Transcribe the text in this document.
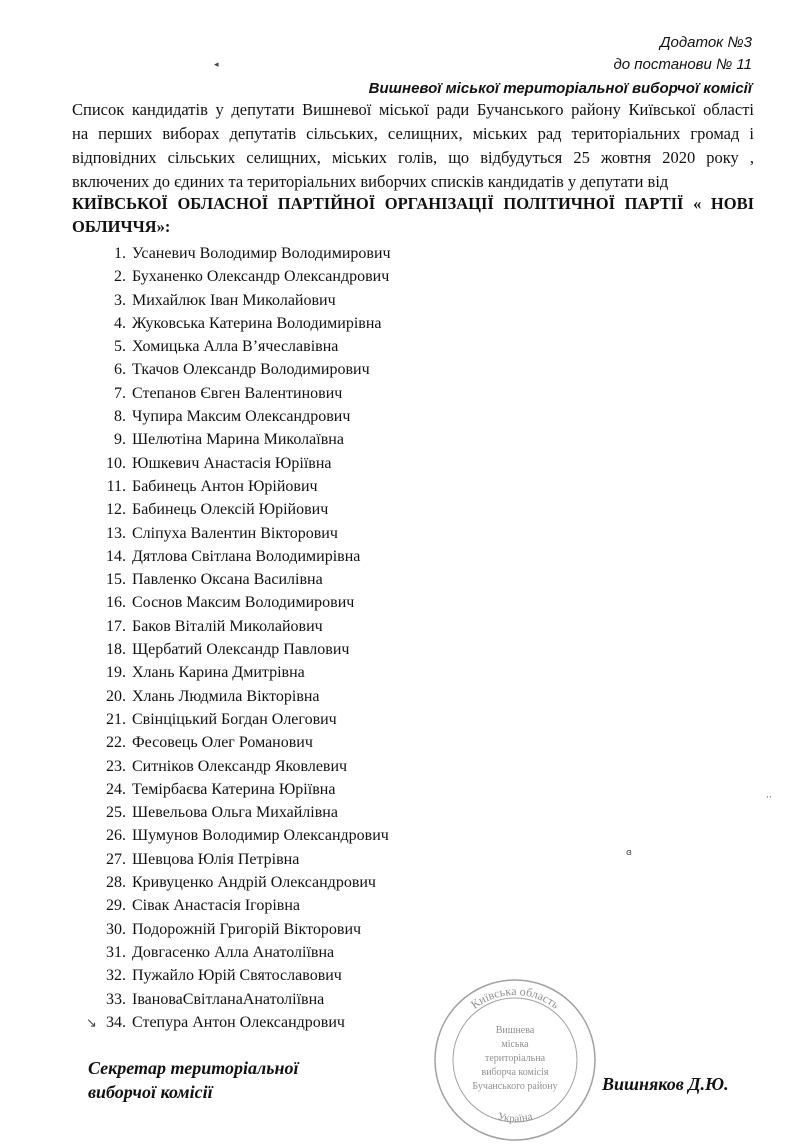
Додаток №3
до постанови № 11
Вишневої міської територіальної виборчої комісії
Список кандидатів у депутати Вишневої міської ради Бучанського району Київської області
на перших виборах депутатів сільських, селищних, міських рад територіальних громад і
відповідних сільських селищних, міських голів, що відбудуться 25 жовтня 2020 року ,
включених до єдиних та територіальних виборчих списків кандидатів у депутати від
КИЇВСЬКОЇ ОБЛАСНОЇ ПАРТІЙНОЇ ОРГАНІЗАЦІЇ ПОЛІТИЧНОЇ ПАРТІЇ « НОВІ
ОБЛИЧЧЯ»:
1. Усаневич Володимир Володимирович
2. Буханенко Олександр Олександрович
3. Михайлюк Іван Миколайович
4. Жуковська Катерина Володимирівна
5. Хомицька Алла В’ячеславівна
6. Ткачов Олександр Володимирович
7. Степанов Євген Валентинович
8. Чупира Максим Олександрович
9. Шелютіна Марина Миколаївна
10. Юшкевич Анастасія Юріївна
11. Бабинець Антон Юрійович
12. Бабинець Олексій Юрійович
13. Сліпуха Валентин Вікторович
14. Дятлова Світлана Володимирівна
15. Павленко Оксана Василівна
16. Соснов Максим Володимирович
17. Баков Віталій Миколайович
18. Щербатий Олександр Павлович
19. Хлань Карина Дмитрівна
20. Хлань Людмила Вікторівна
21. Свінцiцький Богдан Олегович
22. Фесовець Олег Романович
23. Ситніков Олександр Яковлевич
24. Темірбаєва Катерина Юріївна
25. Шевельова Ольга Михайлівна
26. Шумунов Володимир Олександрович
27. Шевцова Юлія Петрівна
28. Кривуценко Андрій Олександрович
29. Сівак Анастасія Ігорівна
30. Подорожній Григорій Вікторович
31. Довгасенко Алла Анатоліївна
32. Пужайло Юрій Святославович
33. ІвановаСвітланаАнатоліївна
34. Степура Антон Олександрович
Секретар територіальної
виборчої комісії
Київська область
Україна
Вишнева
міська
територіальна
виборча комісія
Бучанського району Вишняков Д.Ю.
◂
··
ɞ
↘
